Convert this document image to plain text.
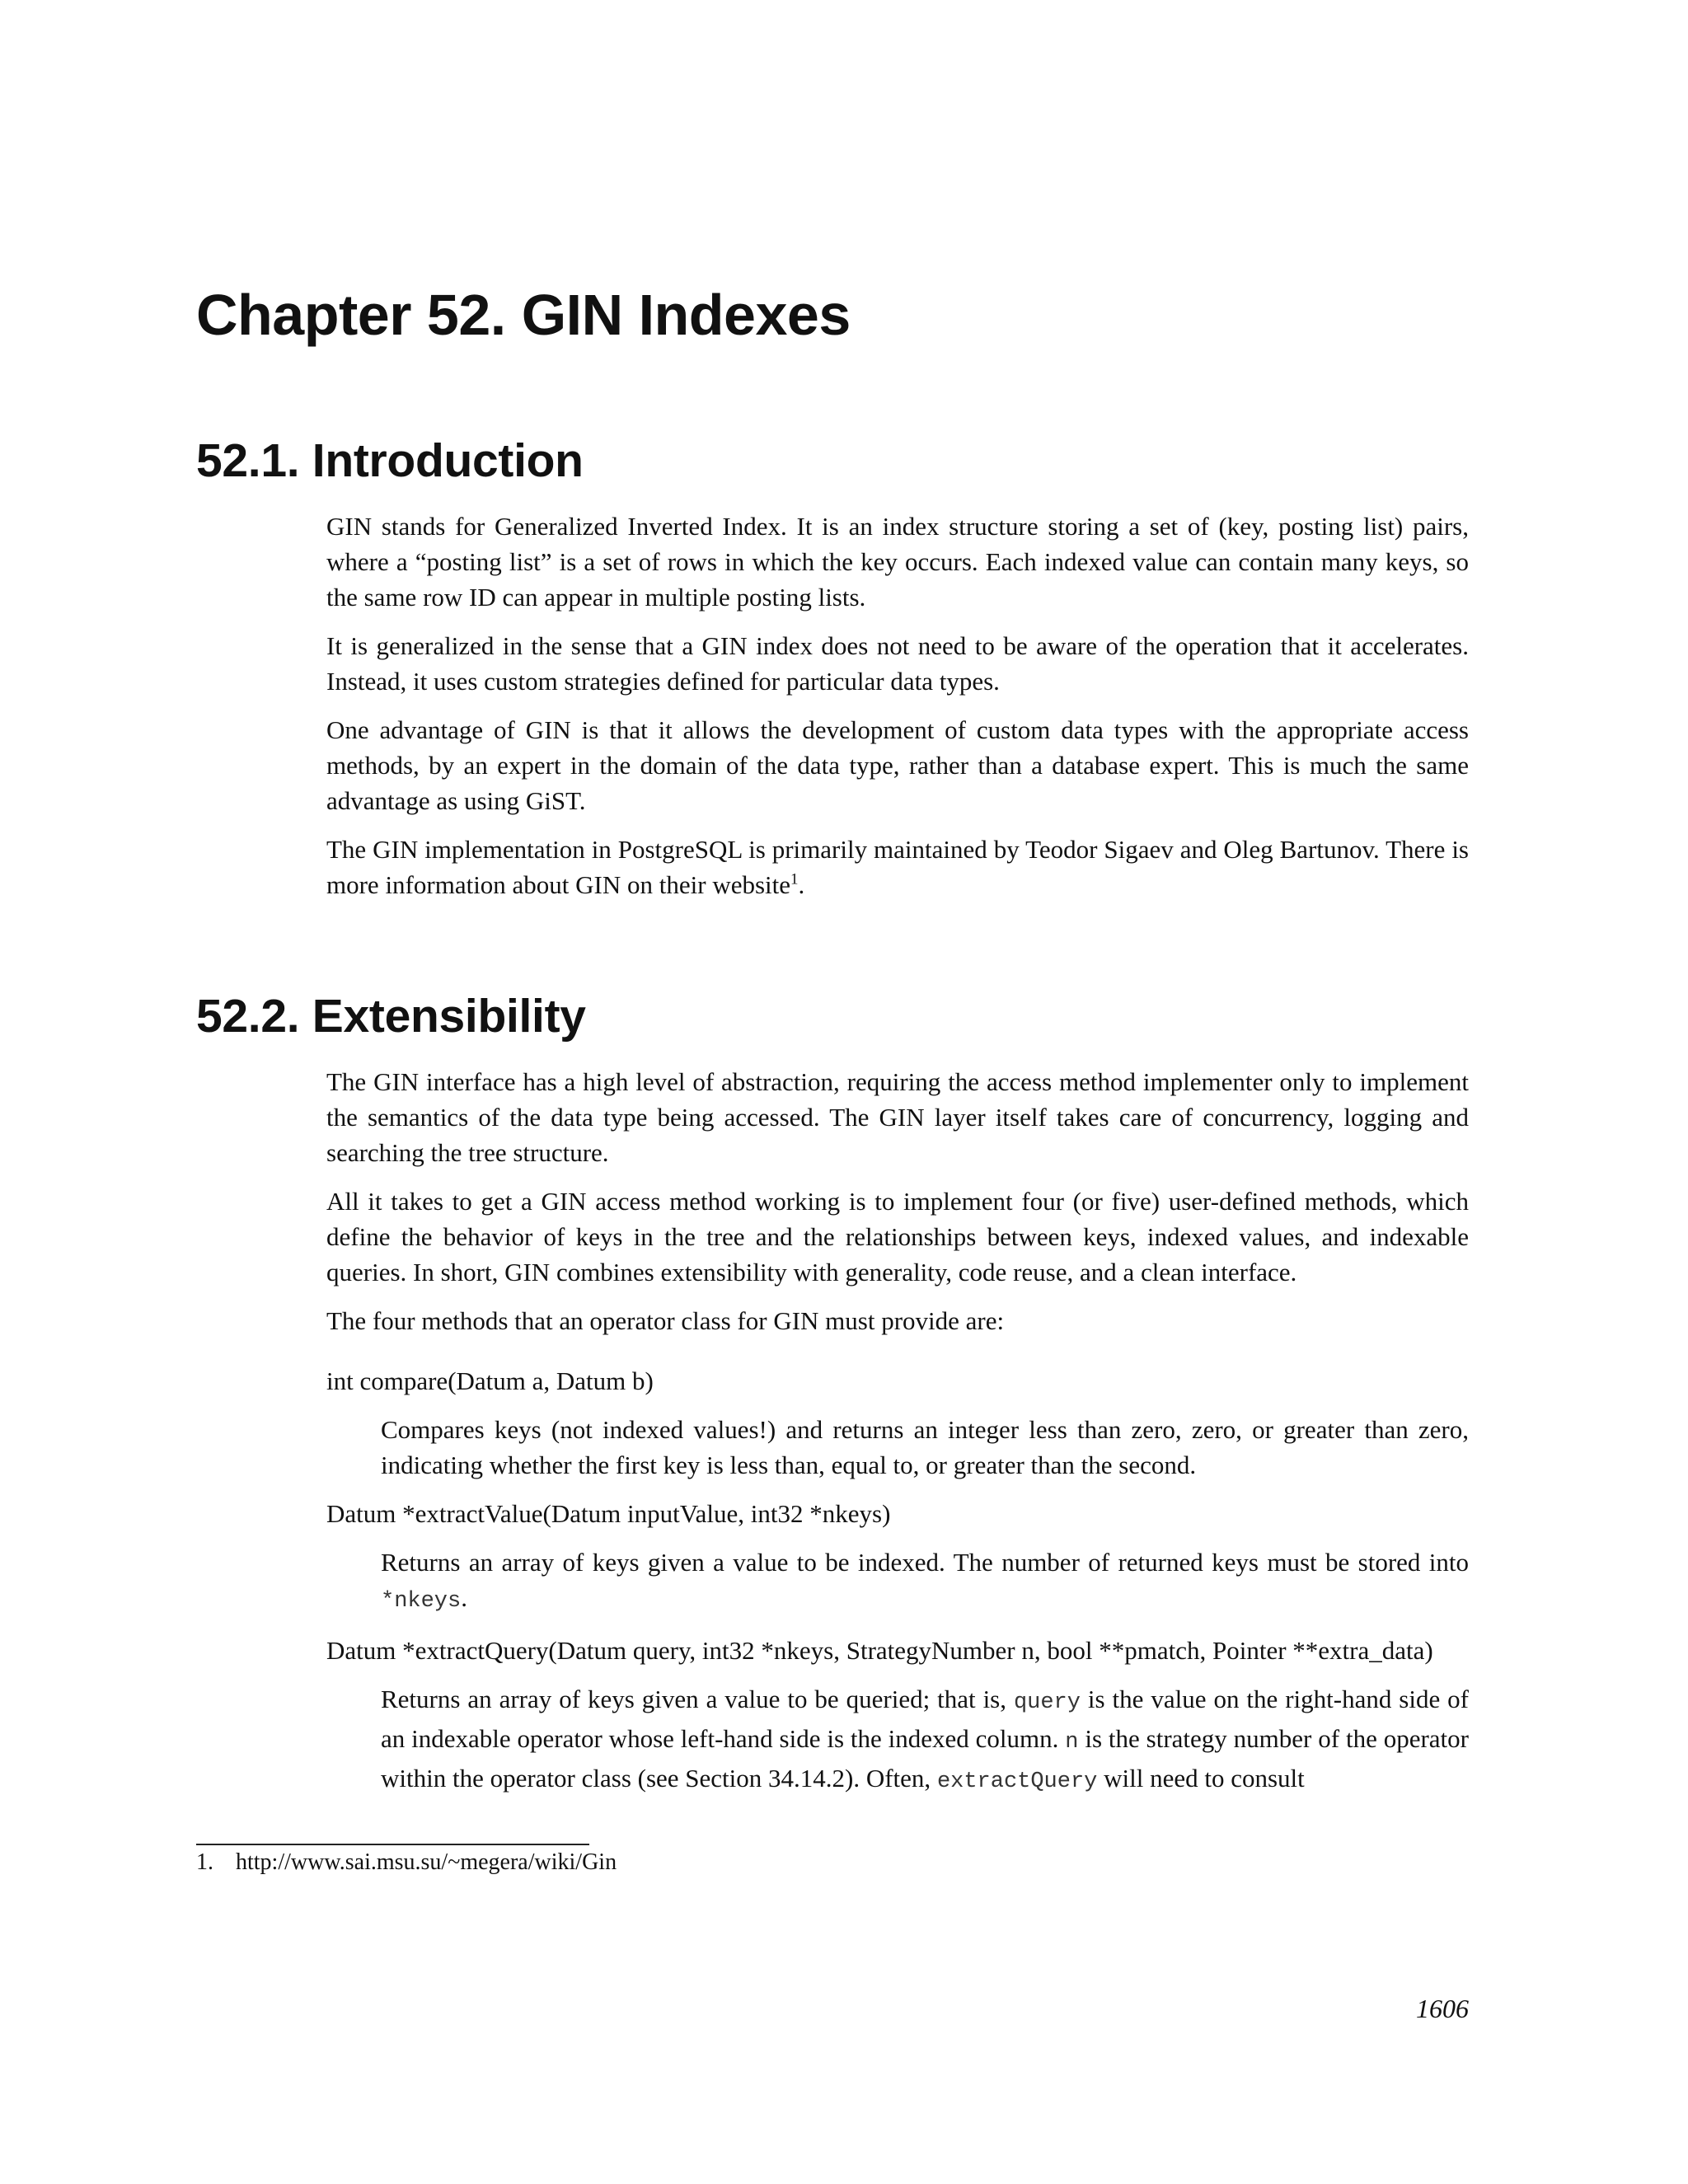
Chapter 52. GIN Indexes
52.1. Introduction

GIN stands for Generalized Inverted Index. It is an index structure storing a set of (key, posting list) pairs, where a “posting list” is a set of rows in which the key occurs. Each indexed value can contain many keys, so the same row ID can appear in multiple posting lists.

It is generalized in the sense that a GIN index does not need to be aware of the operation that it accelerates. Instead, it uses custom strategies defined for particular data types.

One advantage of GIN is that it allows the development of custom data types with the appropriate access methods, by an expert in the domain of the data type, rather than a database expert. This is much the same advantage as using GiST.

The GIN implementation in PostgreSQL is primarily maintained by Teodor Sigaev and Oleg Bartunov. There is more information about GIN on their website$^1$.

52.2. Extensibility

The GIN interface has a high level of abstraction, requiring the access method implementer only to implement the semantics of the data type being accessed. The GIN layer itself takes care of concurrency, logging and searching the tree structure.

All it takes to get a GIN access method working is to implement four (or five) user-defined methods, which define the behavior of keys in the tree and the relationships between keys, indexed values, and indexable queries. In short, GIN combines extensibility with generality, code reuse, and a clean interface.

The four methods that an operator class for GIN must provide are:

int compare(Datum a, Datum b)
Compares keys (not indexed values!) and returns an integer less than zero, zero, or greater than zero, indicating whether the first key is less than, equal to, or greater than the second.
Datum *extractValue(Datum inputValue, int32 *nkeys)
Returns an array of keys given a value to be indexed. The number of returned keys must be stored into *nkeys.
Datum *extractQuery(Datum query, int32 *nkeys, StrategyNumber n, bool **pmatch, Pointer **extra_data)
Returns an array of keys given a value to be queried; that is, query is the value on the right-hand side of an indexable operator whose left-hand side is the indexed column. n is the strategy number of the operator within the operator class (see Section 34.14.2). Often, extractQuery will need to consult
1. http://www.sai.msu.su/~megera/wiki/Gin
1606
